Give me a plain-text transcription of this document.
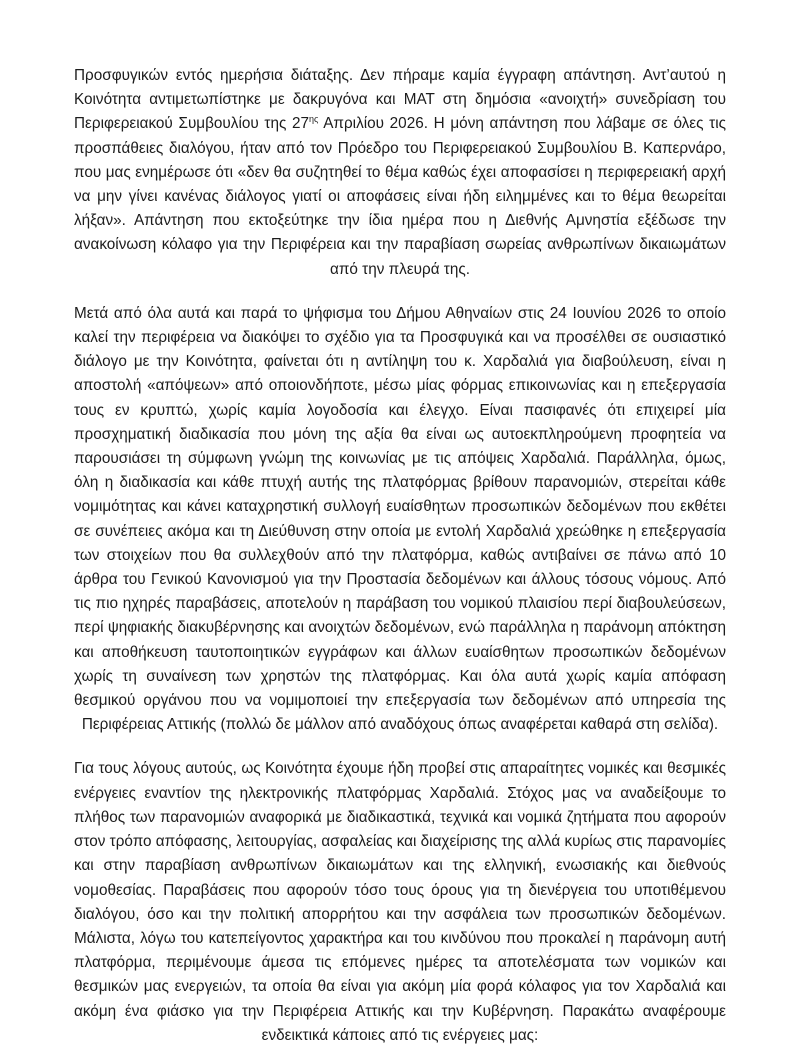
Προσφυγικών εντός ημερήσια διάταξης. Δεν πήραμε καμία έγγραφη απάντηση. Αντ’αυτού η Κοινότητα αντιμετωπίστηκε με δακρυγόνα και ΜΑΤ στη δημόσια «ανοιχτή» συνεδρίαση του Περιφερειακού Συμβουλίου της $27^{\eta\varsigma}$ Απριλίου 2026. Η μόνη απάντηση που λάβαμε σε όλες τις προσπάθειες διαλόγου, ήταν από τον Πρόεδρο του Περιφερειακού Συμβουλίου Β. Καπερνάρο, που μας ενημέρωσε ότι «δεν θα συζητηθεί το θέμα καθώς έχει αποφασίσει η περιφερειακή αρχή να μην γίνει κανένας διάλογος γιατί οι αποφάσεις είναι ήδη ειλημμένες και το θέμα θεωρείται λήξαν». Απάντηση που εκτοξεύτηκε την ίδια ημέρα που η Διεθνής Αμνηστία εξέδωσε την ανακοίνωση κόλαφο για την Περιφέρεια και την παραβίαση σωρείας ανθρωπίνων δικαιωμάτων από την πλευρά της.

Μετά από όλα αυτά και παρά το ψήφισμα του Δήμου Αθηναίων στις 24 Ιουνίου 2026 το οποίο καλεί την περιφέρεια να διακόψει το σχέδιο για τα Προσφυγικά και να προσέλθει σε ουσιαστικό διάλογο με την Κοινότητα, φαίνεται ότι η αντίληψη του κ. Χαρδαλιά για διαβούλευση, είναι η αποστολή «απόψεων» από οποιονδήποτε, μέσω μίας φόρμας επικοινωνίας και η επεξεργασία τους εν κρυπτώ, χωρίς καμία λογοδοσία και έλεγχο. Είναι πασιφανές ότι επιχειρεί μία προσχηματική διαδικασία που μόνη της αξία θα είναι ως αυτοεκπληρούμενη προφητεία να παρουσιάσει τη σύμφωνη γνώμη της κοινωνίας με τις απόψεις Χαρδαλιά. Παράλληλα, όμως, όλη η διαδικασία και κάθε πτυχή αυτής της πλατφόρμας βρίθουν παρανομιών, στερείται κάθε νομιμότητας και κάνει καταχρηστική συλλογή ευαίσθητων προσωπικών δεδομένων που εκθέτει σε συνέπειες ακόμα και τη Διεύθυνση στην οποία με εντολή Χαρδαλιά χρεώθηκε η επεξεργασία των στοιχείων που θα συλλεχθούν από την πλατφόρμα, καθώς αντιβαίνει σε πάνω από 10 άρθρα του Γενικού Κανονισμού για την Προστασία δεδομένων και άλλους τόσους νόμους. Από τις πιο ηχηρές παραβάσεις, αποτελούν η παράβαση του νομικού πλαισίου περί διαβουλεύσεων, περί ψηφιακής διακυβέρνησης και ανοιχτών δεδομένων, ενώ παράλληλα η παράνομη απόκτηση και αποθήκευση ταυτοποιητικών εγγράφων και άλλων ευαίσθητων προσωπικών δεδομένων χωρίς τη συναίνεση των χρηστών της πλατφόρμας. Και όλα αυτά χωρίς καμία απόφαση θεσμικού οργάνου που να νομιμοποιεί την επεξεργασία των δεδομένων από υπηρεσία της Περιφέρειας Αττικής (πολλώ δε μάλλον από αναδόχους όπως αναφέρεται καθαρά στη σελίδα).

Για τους λόγους αυτούς, ως Κοινότητα έχουμε ήδη προβεί στις απαραίτητες νομικές και θεσμικές ενέργειες εναντίον της ηλεκτρονικής πλατφόρμας Χαρδαλιά. Στόχος μας να αναδείξουμε το πλήθος των παρανομιών αναφορικά με διαδικαστικά, τεχνικά και νομικά ζητήματα που αφορούν στον τρόπο απόφασης, λειτουργίας, ασφαλείας και διαχείρισης της αλλά κυρίως στις παρανομίες και στην παραβίαση ανθρωπίνων δικαιωμάτων και της ελληνική, ενωσιακής και διεθνούς νομοθεσίας. Παραβάσεις που αφορούν τόσο τους όρους για τη διενέργεια του υποτιθέμενου διαλόγου, όσο και την πολιτική απορρήτου και την ασφάλεια των προσωπικών δεδομένων. Μάλιστα, λόγω του κατεπείγοντος χαρακτήρα και του κινδύνου που προκαλεί η παράνομη αυτή πλατφόρμα, περιμένουμε άμεσα τις επόμενες ημέρες τα αποτελέσματα των νομικών και θεσμικών μας ενεργειών, τα οποία θα είναι για ακόμη μία φορά κόλαφος για τον Χαρδαλιά και ακόμη ένα φιάσκο για την Περιφέρεια Αττικής και την Κυβέρνηση. Παρακάτω αναφέρουμε ενδεικτικά κάποιες από τις ενέργειες μας:
